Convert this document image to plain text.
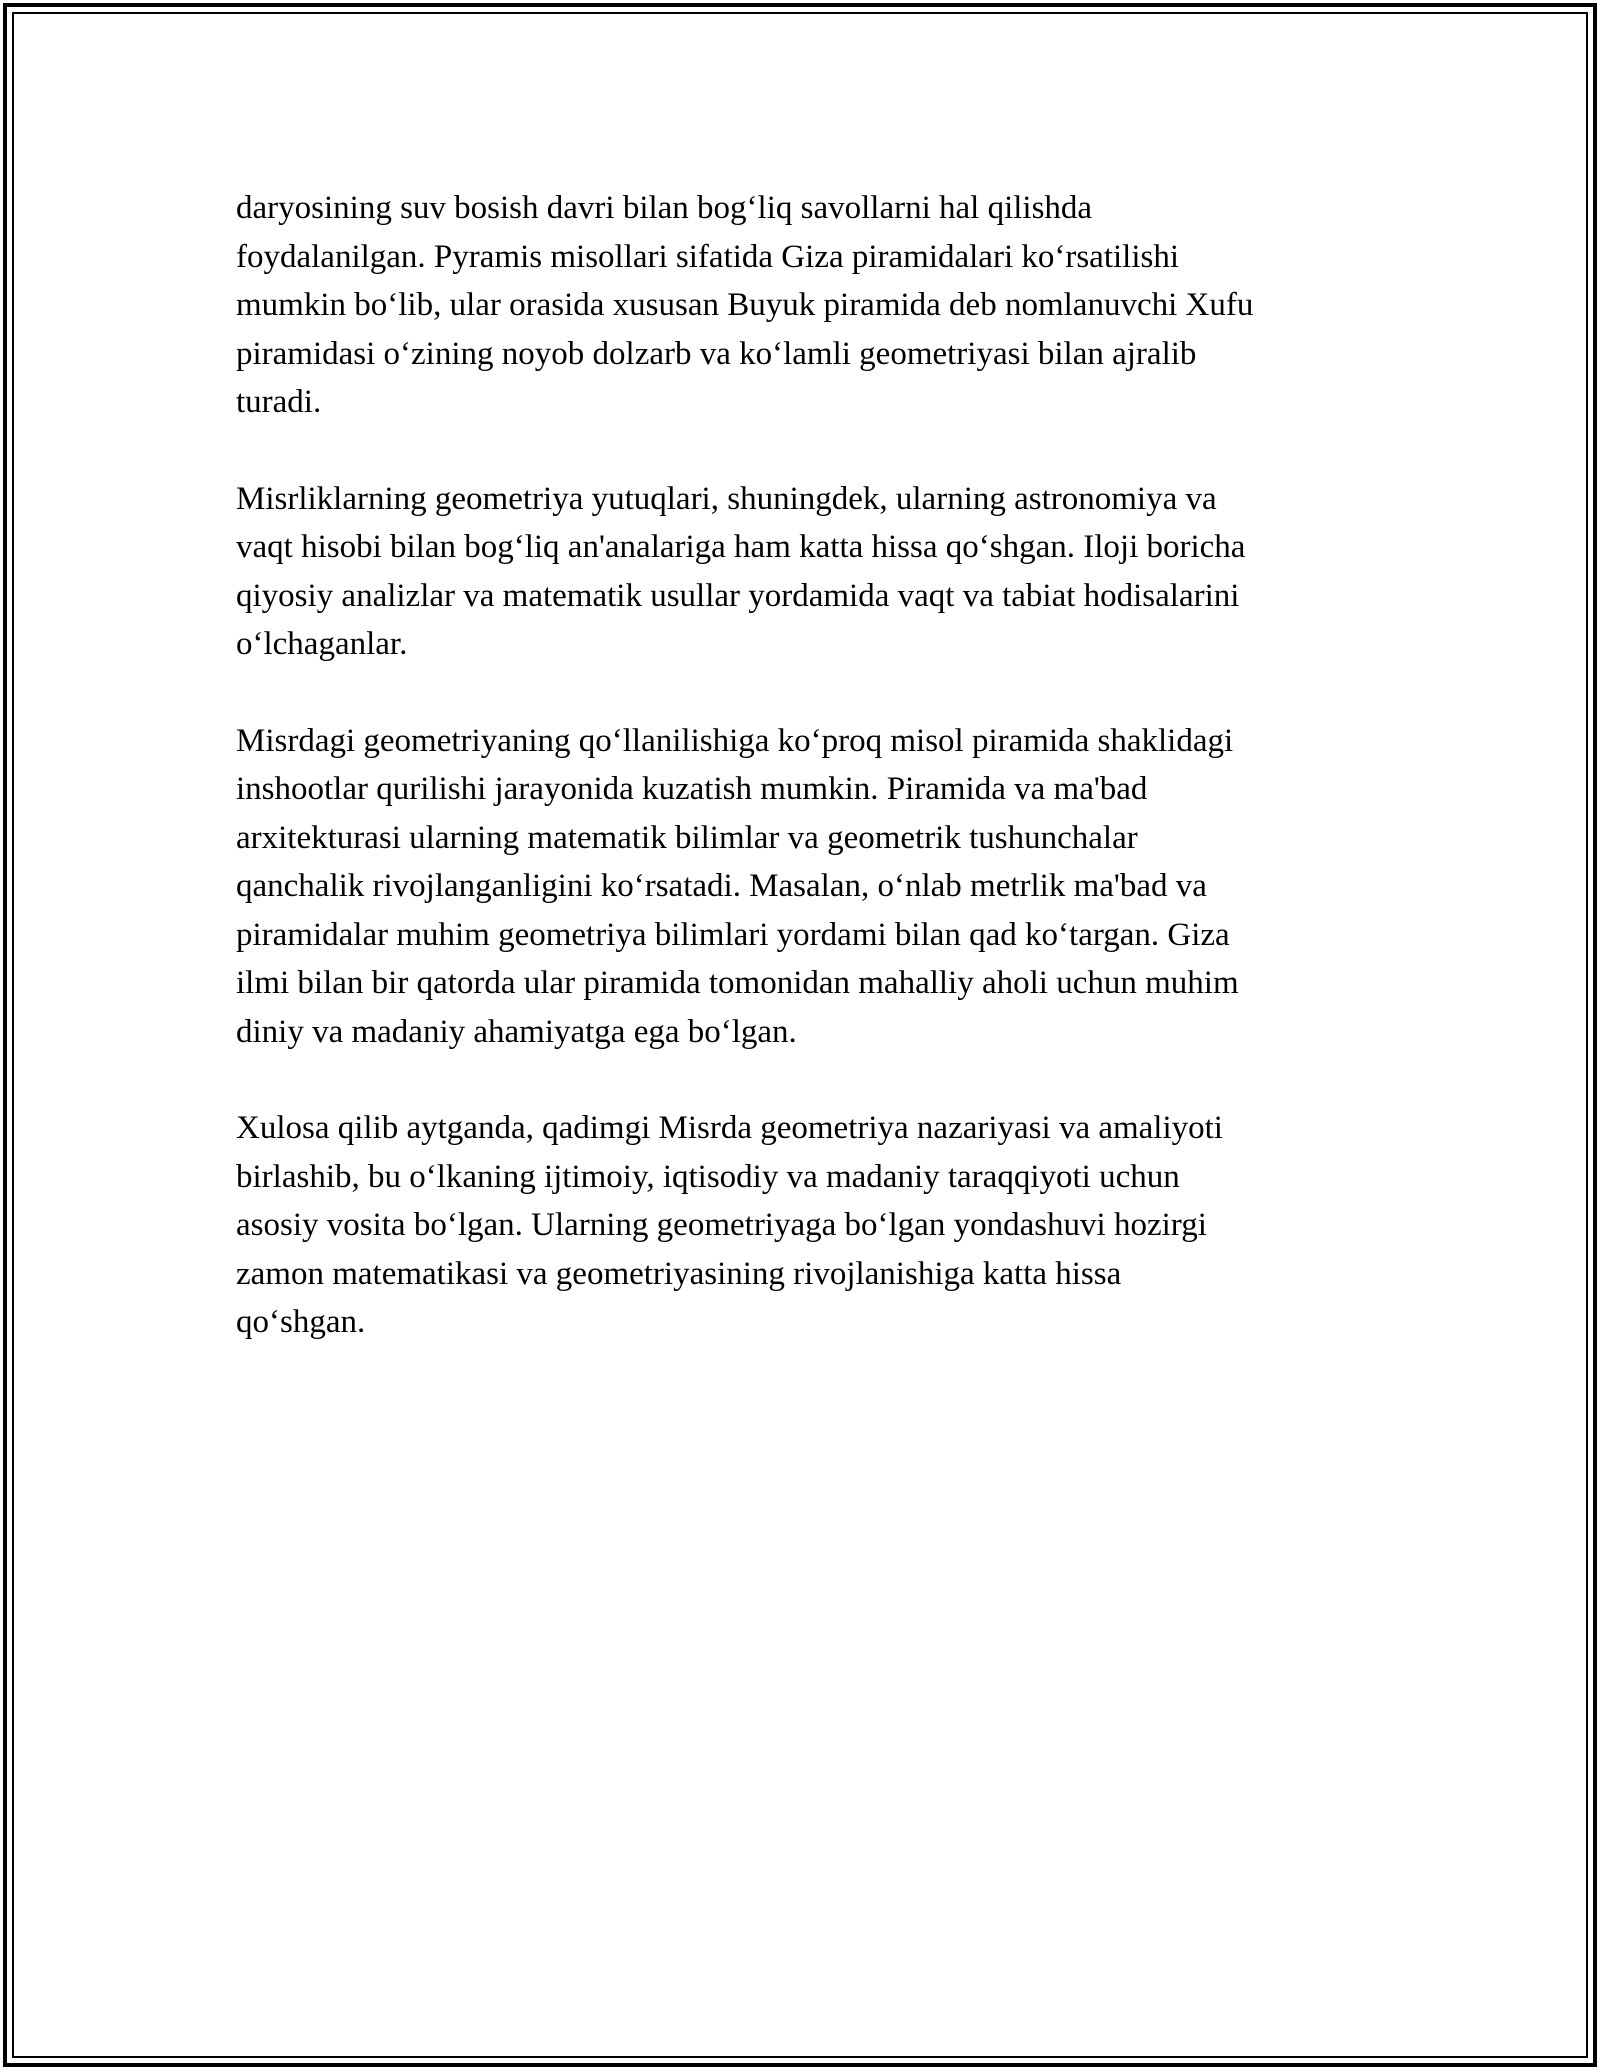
daryosining suv bosish davri bilan bog‘liq savollarni hal qilishda
foydalanilgan. Pyramis misollari sifatida Giza piramidalari ko‘rsatilishi
mumkin bo‘lib, ular orasida xususan Buyuk piramida deb nomlanuvchi Xufu
piramidasi o‘zining noyob dolzarb va ko‘lamli geometriyasi bilan ajralib
turadi.

Misrliklarning geometriya yutuqlari, shuningdek, ularning astronomiya va
vaqt hisobi bilan bog‘liq an'analariga ham katta hissa qo‘shgan. Iloji boricha
qiyosiy analizlar va matematik usullar yordamida vaqt va tabiat hodisalarini
o‘lchaganlar.

Misrdagi geometriyaning qo‘llanilishiga ko‘proq misol piramida shaklidagi
inshootlar qurilishi jarayonida kuzatish mumkin. Piramida va ma'bad
arxitekturasi ularning matematik bilimlar va geometrik tushunchalar
qanchalik rivojlanganligini ko‘rsatadi. Masalan, o‘nlab metrlik ma'bad va
piramidalar muhim geometriya bilimlari yordami bilan qad ko‘targan. Giza
ilmi bilan bir qatorda ular piramida tomonidan mahalliy aholi uchun muhim
diniy va madaniy ahamiyatga ega bo‘lgan.

Xulosa qilib aytganda, qadimgi Misrda geometriya nazariyasi va amaliyoti
birlashib, bu o‘lkaning ijtimoiy, iqtisodiy va madaniy taraqqiyoti uchun
asosiy vosita bo‘lgan. Ularning geometriyaga bo‘lgan yondashuvi hozirgi
zamon matematikasi va geometriyasining rivojlanishiga katta hissa
qo‘shgan.
